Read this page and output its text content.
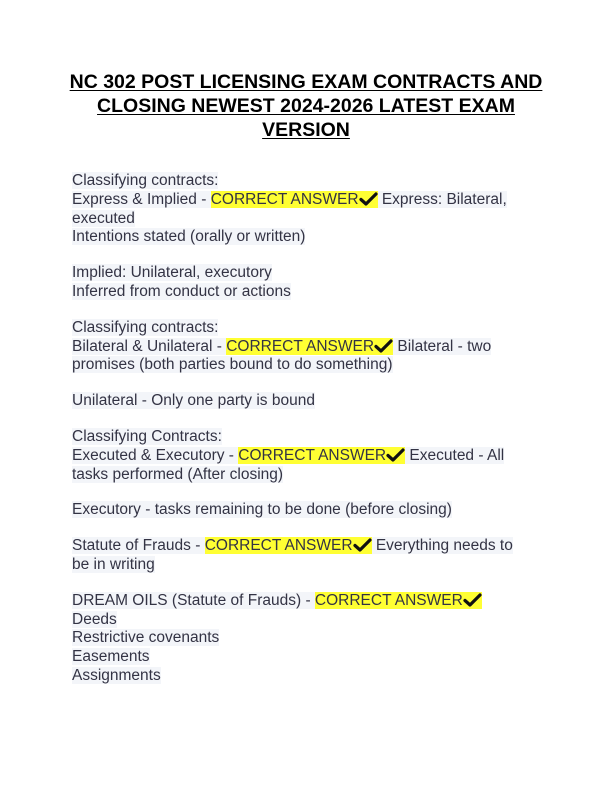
NC 302 POST LICENSING EXAM CONTRACTS AND CLOSING NEWEST 2024-2026 LATEST EXAM VERSION
Classifying contracts:
Express & Implied - CORRECT ANSWER
Express: Bilateral,
executed
Intentions stated (orally or written)
Implied: Unilateral, executory
Inferred from conduct or actions
Classifying contracts:
Bilateral & Unilateral - CORRECT ANSWER
Bilateral - two
promises (both parties bound to do something)
Unilateral - Only one party is bound
Classifying Contracts:
Executed & Executory - CORRECT ANSWER
Executed - All
tasks performed (After closing)
Executory - tasks remaining to be done (before closing)
Statute of Frauds - CORRECT ANSWER
Everything needs to
be in writing
DREAM OILS (Statute of Frauds) - CORRECT ANSWER
Deeds
Restrictive covenants
Easements
Assignments
